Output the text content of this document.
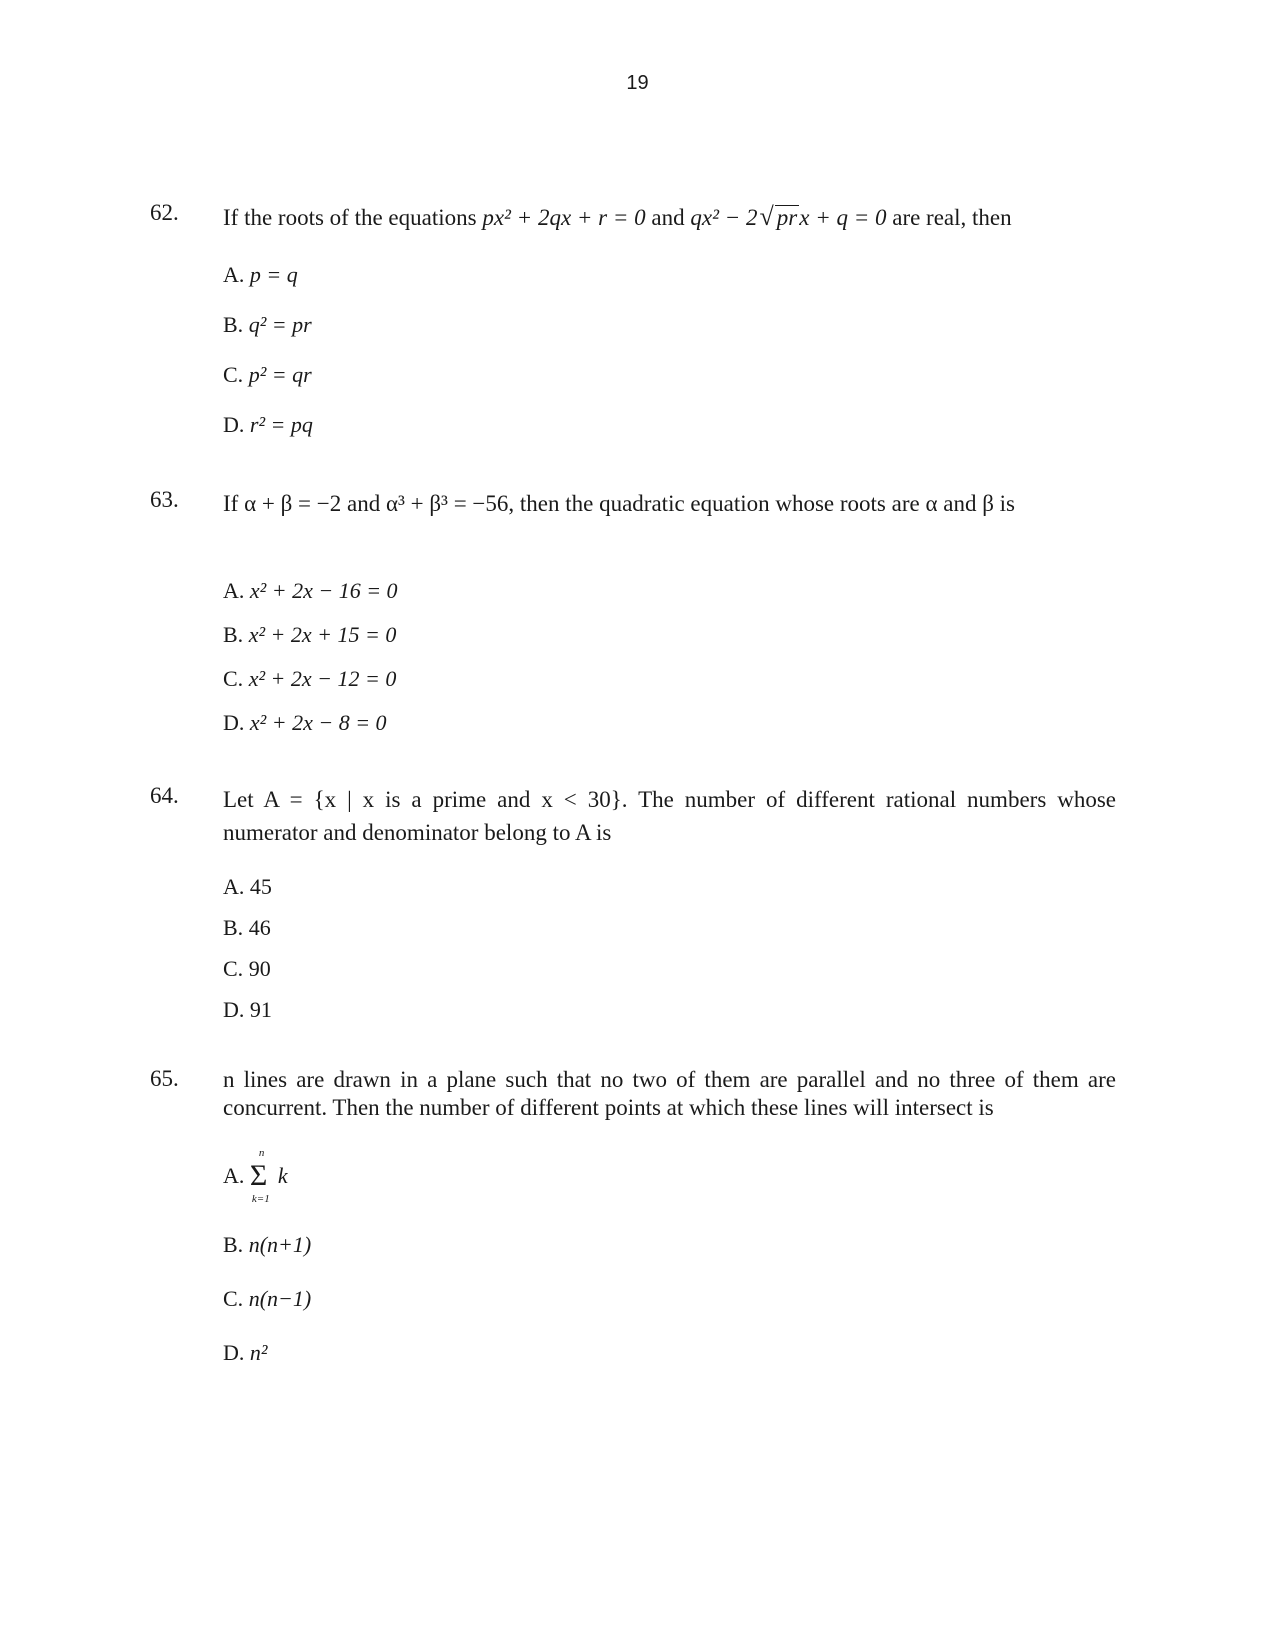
19
62. If the roots of the equations px² + 2qx + r = 0 and qx² − 2√ prx + q = 0 are real, then
A. p = q
B. q² = pr
C. p² = qr
D. r² = pq
63. If α + β = −2 and α³ + β³ = −56, then the quadratic equation whose roots are α and β is
A. x² + 2x − 16 = 0
B. x² + 2x + 15 = 0
C. x² + 2x − 12 = 0
D. x² + 2x − 8 = 0
64. Let A = {x | x is a prime and x < 30}. The number of different rational numbers whose numerator and denominator belong to A is
A. 45
B. 46
C. 90
D. 91
65. n lines are drawn in a plane such that no two of them are parallel and no three of them are concurrent. Then the number of different points at which these lines will intersect is
A.
n
Σ
k=1
k
B. n(n+1)
C. n(n−1)
D. n²
